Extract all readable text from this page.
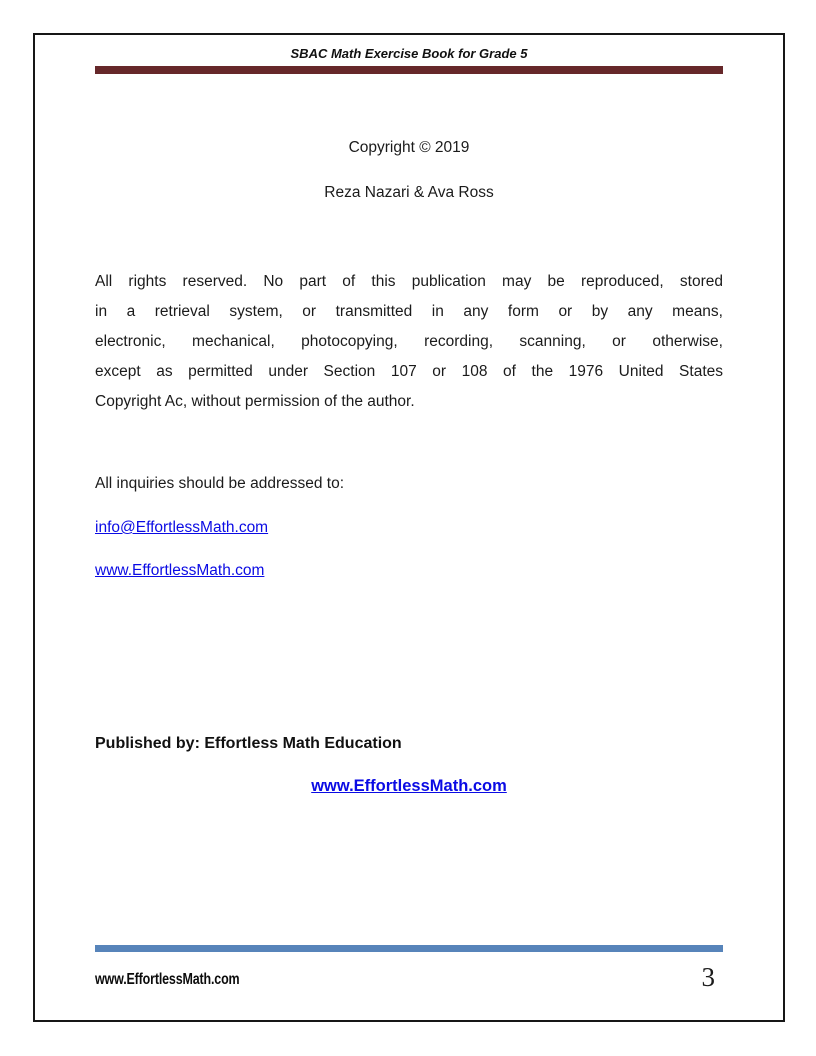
SBAC Math Exercise Book for Grade 5
Copyright © 2019
Reza Nazari & Ava Ross
All rights reserved. No part of this publication may be reproduced, stored
in a retrieval system, or transmitted in any form or by any means,
electronic, mechanical, photocopying, recording, scanning, or otherwise,
except as permitted under Section 107 or 108 of the 1976 United States
Copyright Ac, without permission of the author.
All inquiries should be addressed to:
info@EffortlessMath.com
www.EffortlessMath.com
Published by: Effortless Math Education
www.EffortlessMath.com
www.EffortlessMath.com	3
